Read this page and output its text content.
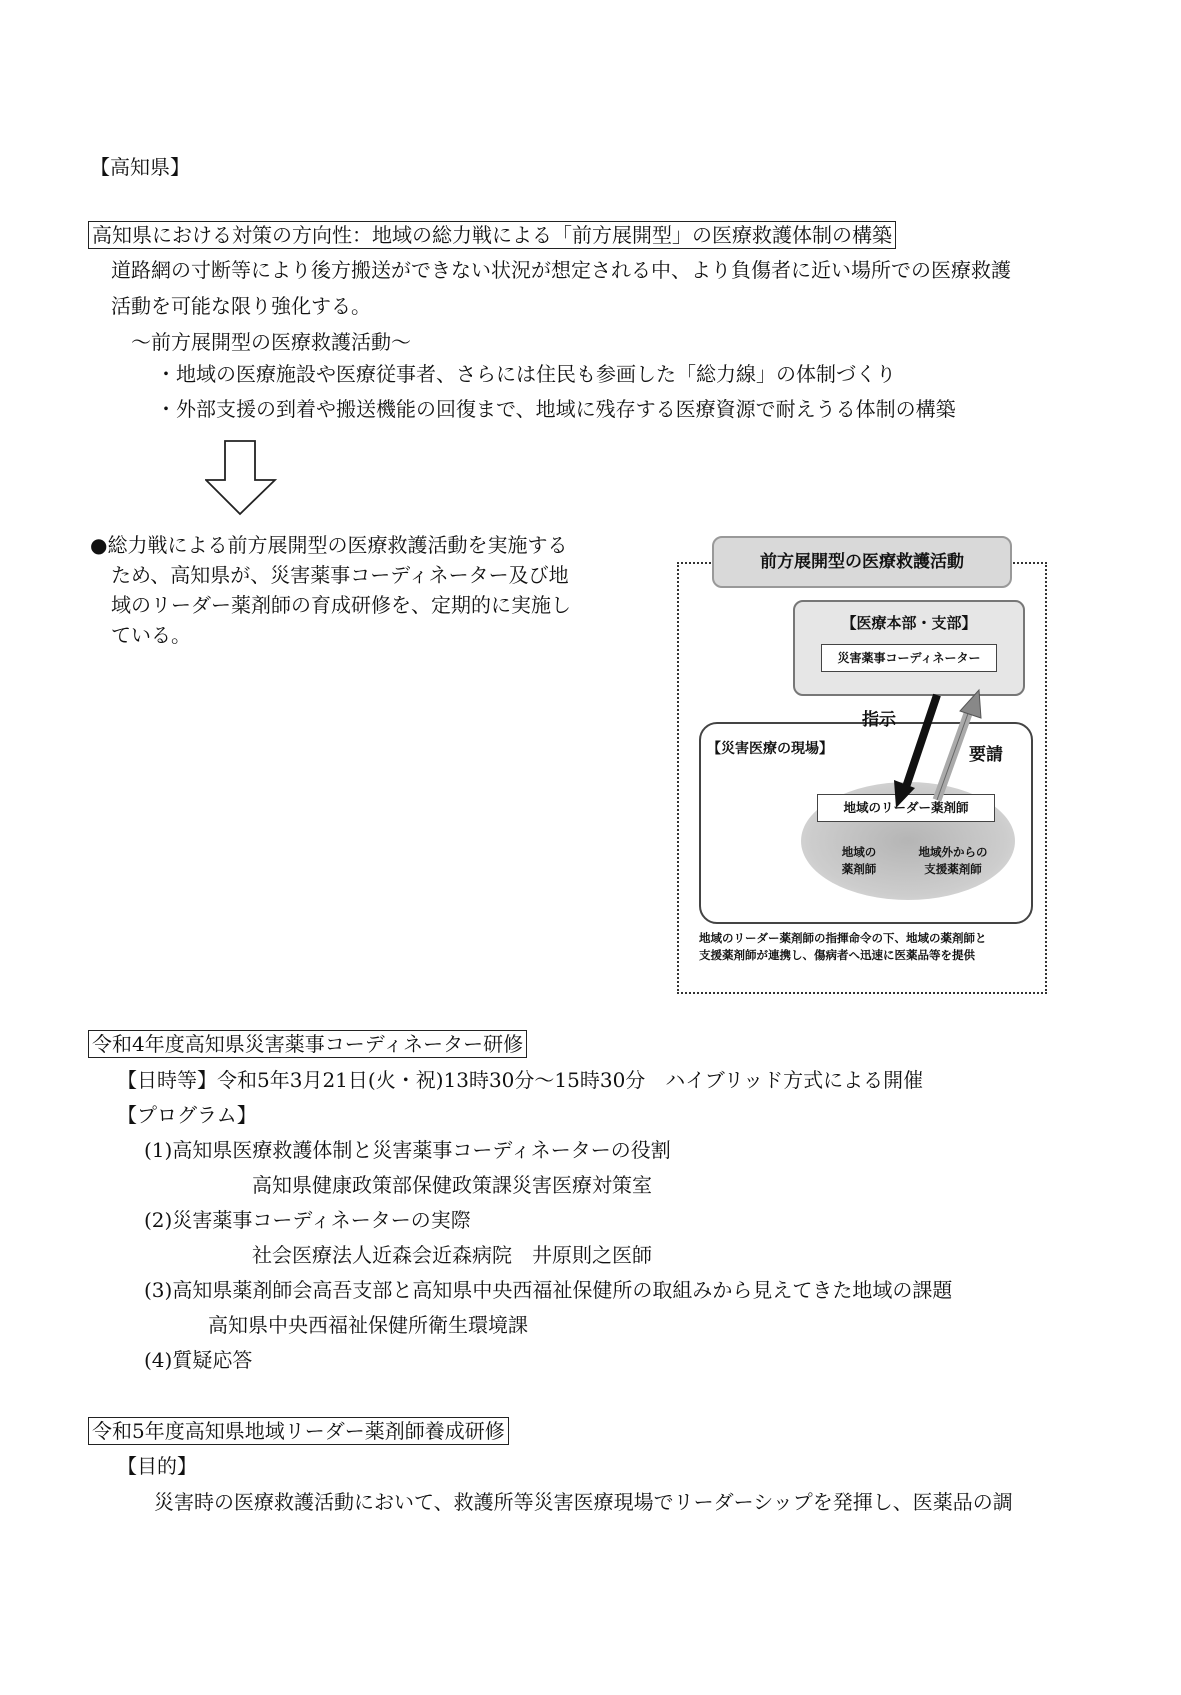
【高知県】
高知県における対策の方向性：地域の総力戦による「前方展開型」の医療救護体制の構築
道路網の寸断等により後方搬送ができない状況が想定される中、より負傷者に近い場所での医療救護
活動を可能な限り強化する。
～前方展開型の医療救護活動～
・地域の医療施設や医療従事者、さらには住民も参画した「総力線」の体制づくり
・外部支援の到着や搬送機能の回復まで、地域に残存する医療資源で耐えうる体制の構築
●総力戦による前方展開型の医療救護活動を実施する
ため、高知県が、災害薬事コーディネーター及び地
域のリーダー薬剤師の育成研修を、定期的に実施し
ている。
前方展開型の医療救護活動
【医療本部・支部】
災害薬事コーディネーター
【災害医療の現場】
地域のリーダー薬剤師
地域の
薬剤師
地域外からの
支援薬剤師
指示
要請
地域のリーダー薬剤師の指揮命令の下、地域の薬剤師と
支援薬剤師が連携し、傷病者へ迅速に医薬品等を提供
令和4年度高知県災害薬事コーディネーター研修
【日時等】令和5年3月21日(火・祝)13時30分～15時30分　ハイブリッド方式による開催
【プログラム】
(1)高知県医療救護体制と災害薬事コーディネーターの役割
高知県健康政策部保健政策課災害医療対策室
(2)災害薬事コーディネーターの実際
社会医療法人近森会近森病院　井原則之医師
(3)高知県薬剤師会高吾支部と高知県中央西福祉保健所の取組みから見えてきた地域の課題
高知県中央西福祉保健所衛生環境課
(4)質疑応答
令和5年度高知県地域リーダー薬剤師養成研修
【目的】
災害時の医療救護活動において、救護所等災害医療現場でリーダーシップを発揮し、医薬品の調
